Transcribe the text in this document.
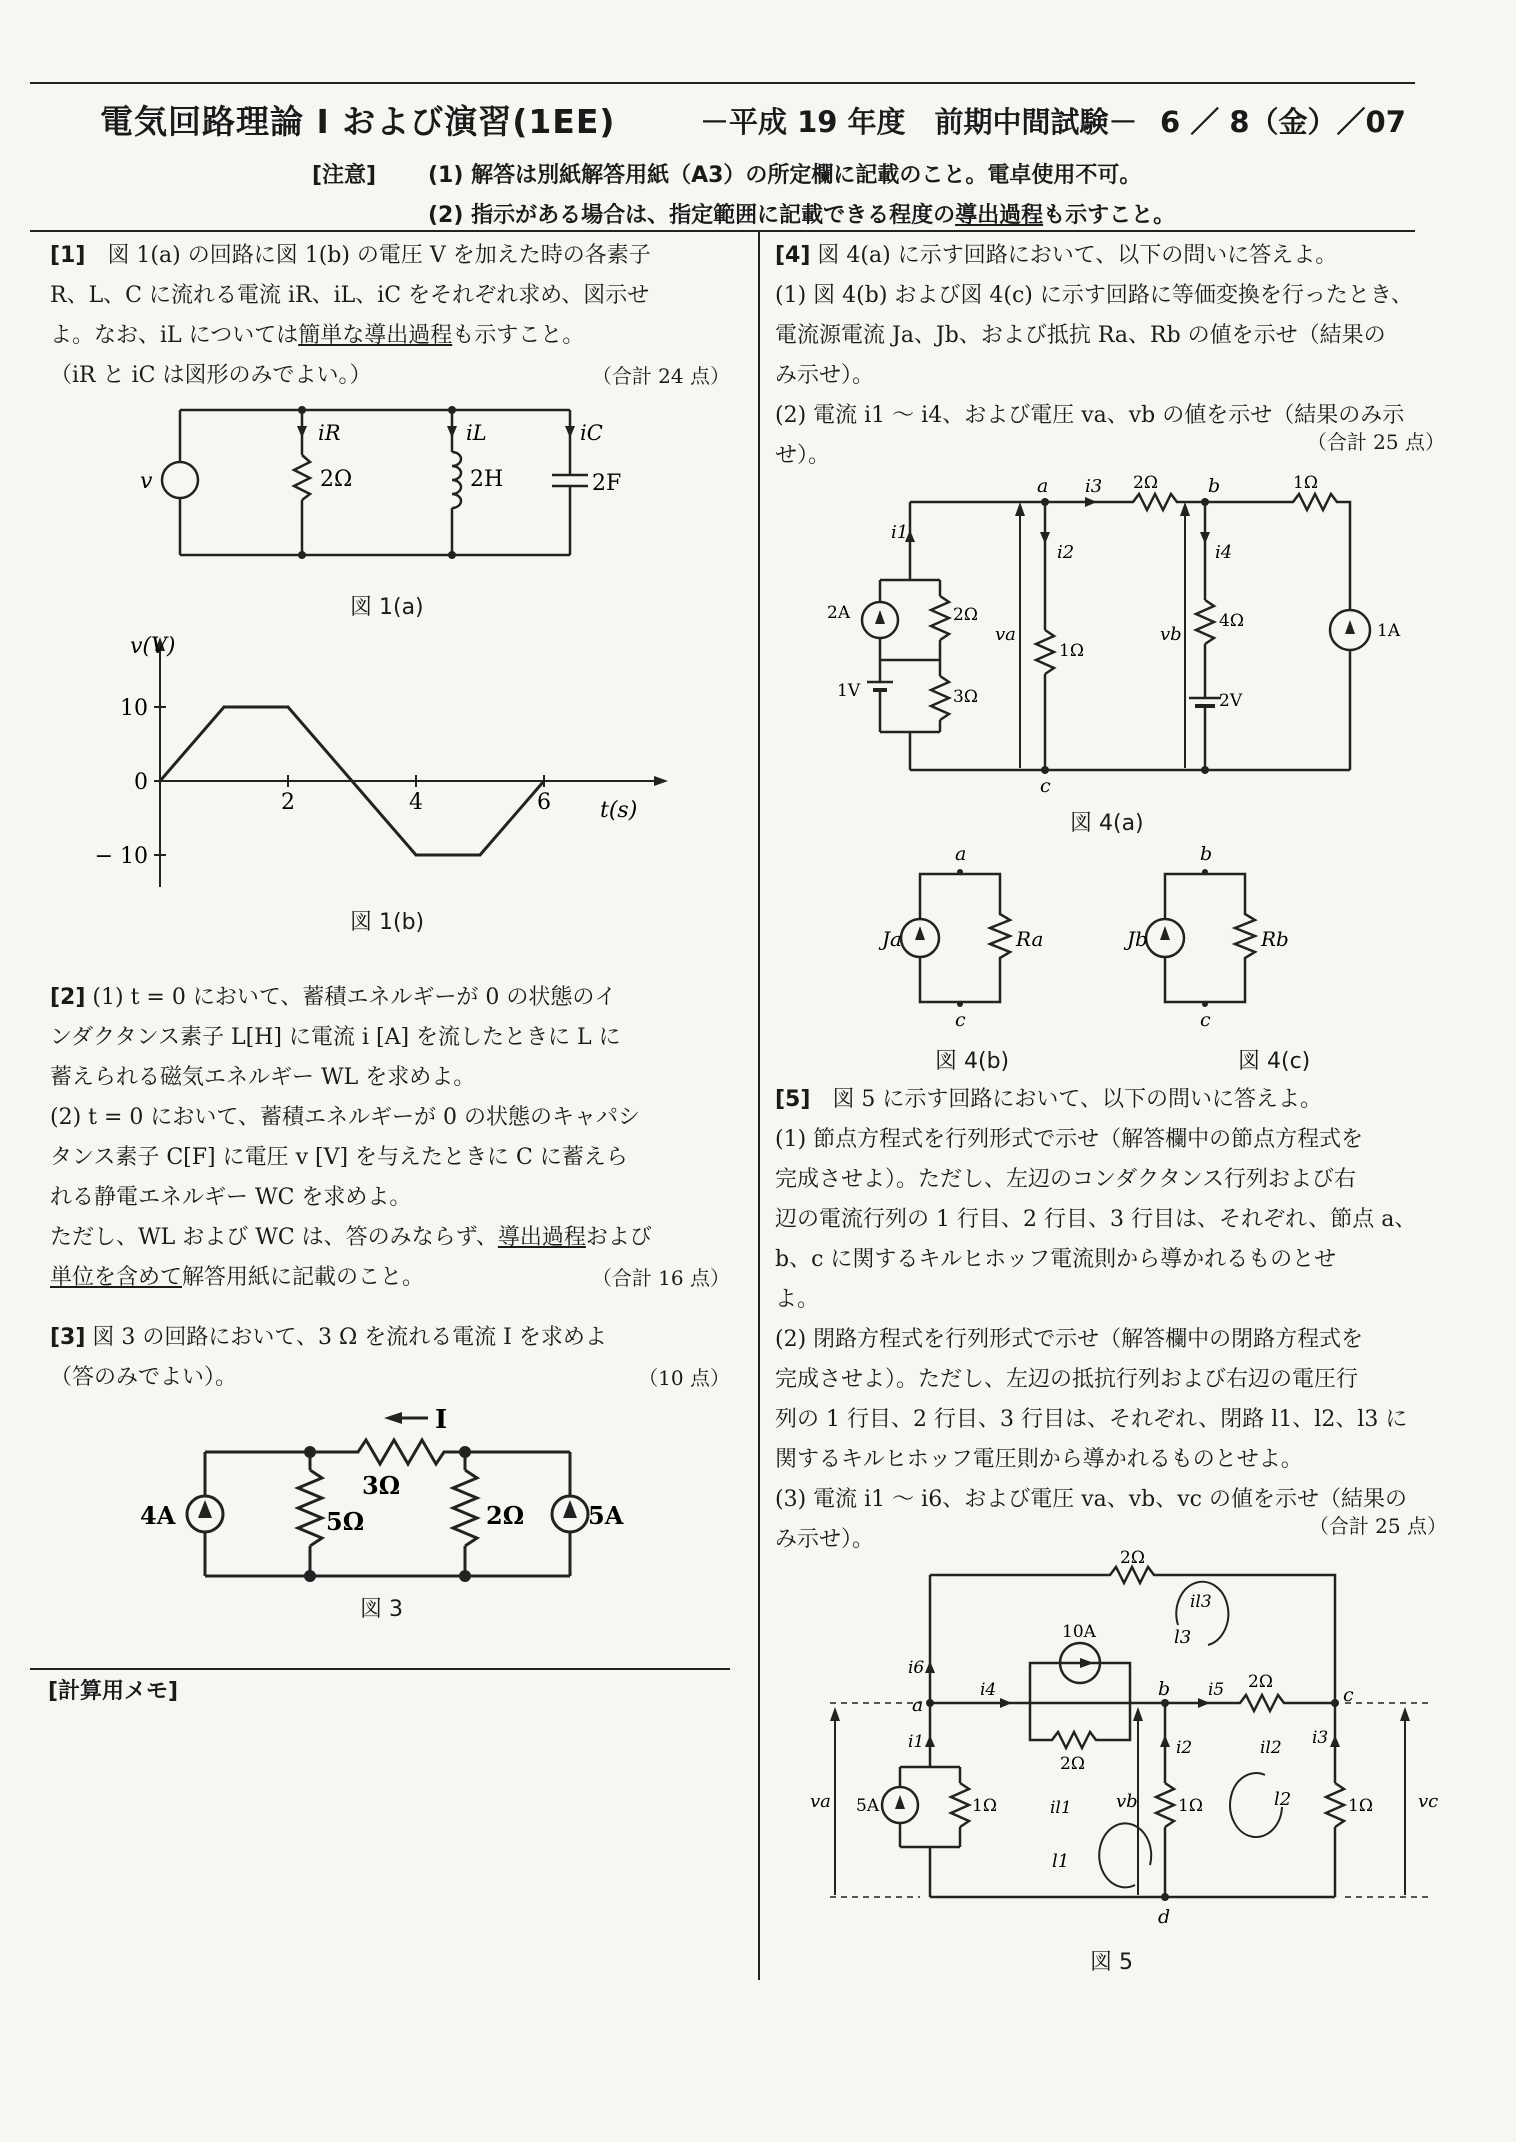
電気回路理論 I および演習(1EE)	－平成 19 年度　前期中間試験－ 6 ／ 8（金）／07
[注意] (1) 解答は別紙解答用紙（A3）の所定欄に記載のこと。電卓使用不可。
(2) 指示がある場合は、指定範囲に記載できる程度の導出過程も示すこと。
[1]　 図 1(a) の回路に図 1(b) の電圧 V を加えた時の各素子
R、L、C に流れる電流 iR、iL、iC をそれぞれ求め、図示せ
よ。なお、iL については簡単な導出過程も示すこと。
（iR と iC は図形のみでよい。）	（合計 24 点）
v
iR
2Ω
iL
2H
iC
2F
図 1(a)
v(V)
t(s)
10
0
− 10
2	4	6
図 1(b)
[2] (1) t = 0 において、蓄積エネルギーが 0 の状態のイ
ンダクタンス素子 L[H] に電流 i [A] を流したときに L に
蓄えられる磁気エネルギー WL を求めよ。
(2) t = 0 において、蓄積エネルギーが 0 の状態のキャパシ
タンス素子 C[F] に電圧 v [V] を与えたときに C に蓄えら
れる静電エネルギー WC を求めよ。
ただし、WL および WC は、答のみならず、導出過程および
単位を含めて解答用紙に記載のこと。	（合計 16 点）
[3] 図 3 の回路において、3 Ω を流れる電流 I を求めよ
（答のみでよい）。	（10 点）
I
4A	5A
5Ω
3Ω
2Ω
図 3
[計算用メモ]
[4] 図 4(a) に示す回路において、以下の問いに答えよ。
(1) 図 4(b) および図 4(c) に示す回路に等価変換を行ったとき、
電流源電流 Ja、Jb、および抵抗 Ra、Rb の値を示せ（結果の
み示せ）。
(2) 電流 i1 ～ i4、および電圧 va、vb の値を示せ（結果のみ示
せ）。
（合計 25 点）
a	b
c
i1
i2
i3
i4
va	vb
2A
1V
2Ω
3Ω
1Ω
2Ω	1Ω
4Ω
2V
1A
図 4(a)
a
c
Ja	Ra
図 4(b)
b
c
Jb	Rb
図 4(c)
[5]　 図 5 に示す回路において、以下の問いに答えよ。
(1) 節点方程式を行列形式で示せ（解答欄中の節点方程式を
完成させよ）。ただし、左辺のコンダクタンス行列および右
辺の電流行列の 1 行目、2 行目、3 行目は、それぞれ、節点 a、
b、c に関するキルヒホッフ電流則から導かれるものとせ
よ。
(2) 閉路方程式を行列形式で示せ（解答欄中の閉路方程式を
完成させよ）。ただし、左辺の抵抗行列および右辺の電圧行
列の 1 行目、2 行目、3 行目は、それぞれ、閉路 l1、l2、l3 に
関するキルヒホッフ電圧則から導かれるものとせよ。
(3) 電流 i1 ～ i6、および電圧 va、vb、vc の値を示せ（結果の
み示せ）。
（合計 25 点）
a
b	c
d
i1	i2	i3
i4	i5
i6
il1
il2
il3
l1
l2
l3
va	vb	vc
10A
5A
2Ω
2Ω
2Ω
1Ω	1Ω	1Ω
図 5
